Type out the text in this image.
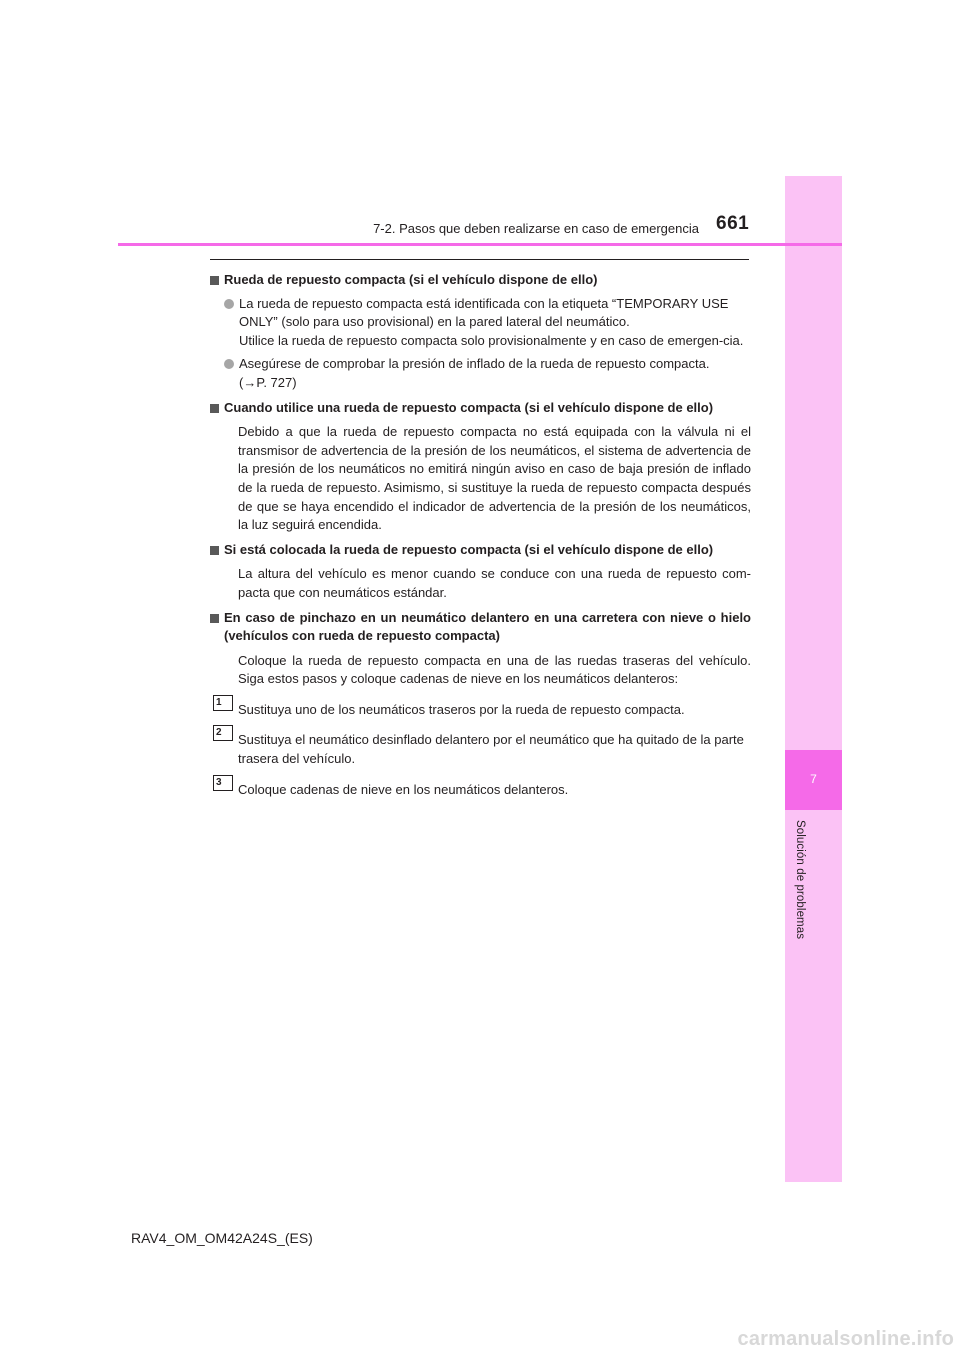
7
Solución de problemas
7-2. Pasos que deben realizarse en caso de emergencia 661
Rueda de repuesto compacta (si el vehículo dispone de ello)

La rueda de repuesto compacta está identificada con la etiqueta “TEMPORARY USE ONLY” (solo para uso provisional) en la pared lateral del neumático.

Utilice la rueda de repuesto compacta solo provisionalmente y en caso de emergen-cia.

Asegúrese de comprobar la presión de inflado de la rueda de repuesto compacta.

(→P. 727)

Cuando utilice una rueda de repuesto compacta (si el vehículo dispone de ello)

Debido a que la rueda de repuesto compacta no está equipada con la válvula ni el transmisor de advertencia de la presión de los neumáticos, el sistema de advertencia de la presión de los neumáticos no emitirá ningún aviso en caso de baja presión de inflado de la rueda de repuesto. Asimismo, si sustituye la rueda de repuesto compacta después de que se haya encendido el indicador de advertencia de la presión de los neumáticos, la luz seguirá encendida.

Si está colocada la rueda de repuesto compacta (si el vehículo dispone de ello)

La altura del vehículo es menor cuando se conduce con una rueda de repuesto com-pacta que con neumáticos estándar.

En caso de pinchazo en un neumático delantero en una carretera con nieve o hielo (vehículos con rueda de repuesto compacta)

Coloque la rueda de repuesto compacta en una de las ruedas traseras del vehículo. Siga estos pasos y coloque cadenas de nieve en los neumáticos delanteros:

1	Sustituya uno de los neumáticos traseros por la rueda de repuesto compacta.
2	Sustituya el neumático desinflado delantero por el neumático que ha quitado de la parte trasera del vehículo.
3	Coloque cadenas de nieve en los neumáticos delanteros.
RAV4_OM_OM42A24S_(ES)
carmanualsonline.info
